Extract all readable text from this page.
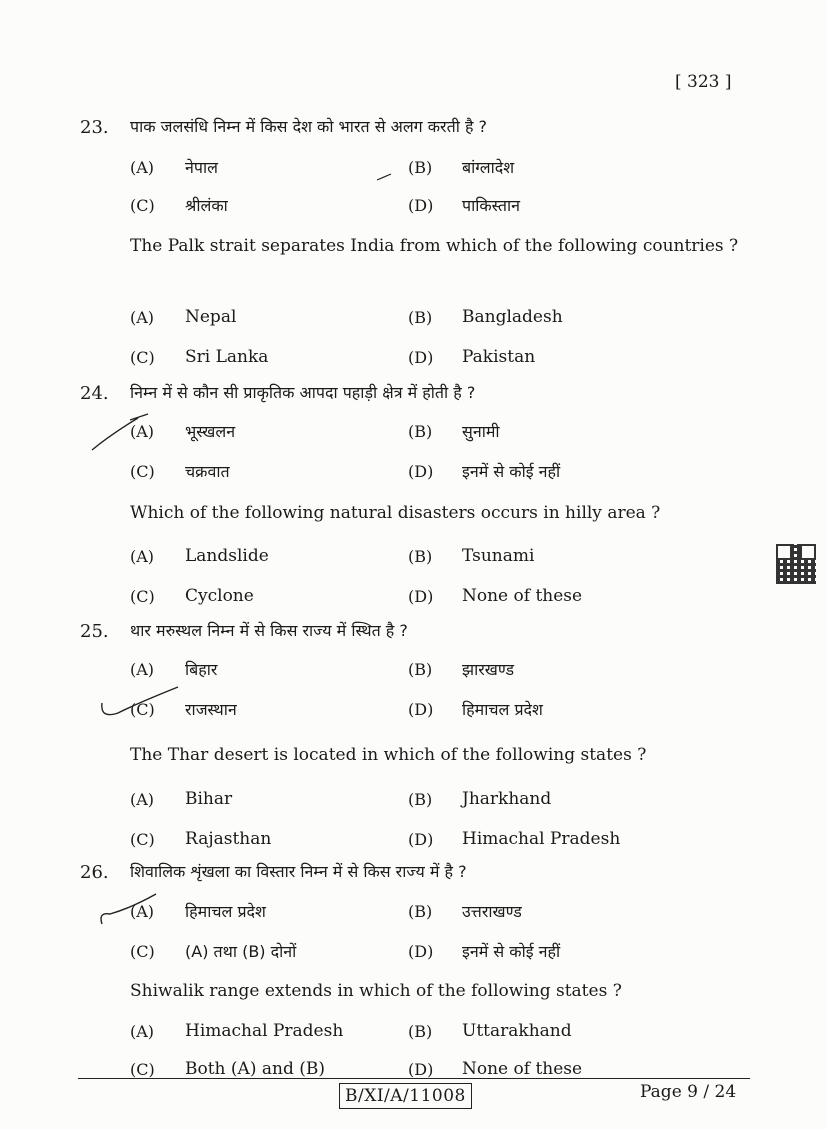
[ 323 ]
23. पाक जलसंधि निम्न में किस देश को भारत से अलग करती है ?
(A) नेपाल	(B) बांग्लादेश
(C) श्रीलंका	(D) पाकिस्तान
The Palk strait separates India from which of the following countries ?
(A) Nepal	(B) Bangladesh
(C) Sri Lanka	(D) Pakistan
24. निम्न में से कौन सी प्राकृतिक आपदा पहाड़ी क्षेत्र में होती है ?
(A) भूस्खलन	(B) सुनामी
(C) चक्रवात	(D) इनमें से कोई नहीं
Which of the following natural disasters occurs in hilly area ?
(A) Landslide	(B) Tsunami
(C) Cyclone	(D) None of these
25. थार मरुस्थल निम्न में से किस राज्य में स्थित है ?
(A) बिहार	(B) झारखण्ड
(C) राजस्थान	(D) हिमाचल प्रदेश
The Thar desert is located in which of the following states ?
(A) Bihar	(B) Jharkhand
(C) Rajasthan	(D) Himachal Pradesh
26. शिवालिक शृंखला का विस्तार निम्न में से किस राज्य में है ?
(A) हिमाचल प्रदेश	(B) उत्तराखण्ड
(C) (A) तथा (B) दोनों	(D) इनमें से कोई नहीं
Shiwalik range extends in which of the following states ?
(A) Himachal Pradesh	(B) Uttarakhand
(C) Both (A) and (B)	(D) None of these
B/XI/A/11008	Page 9 / 24
